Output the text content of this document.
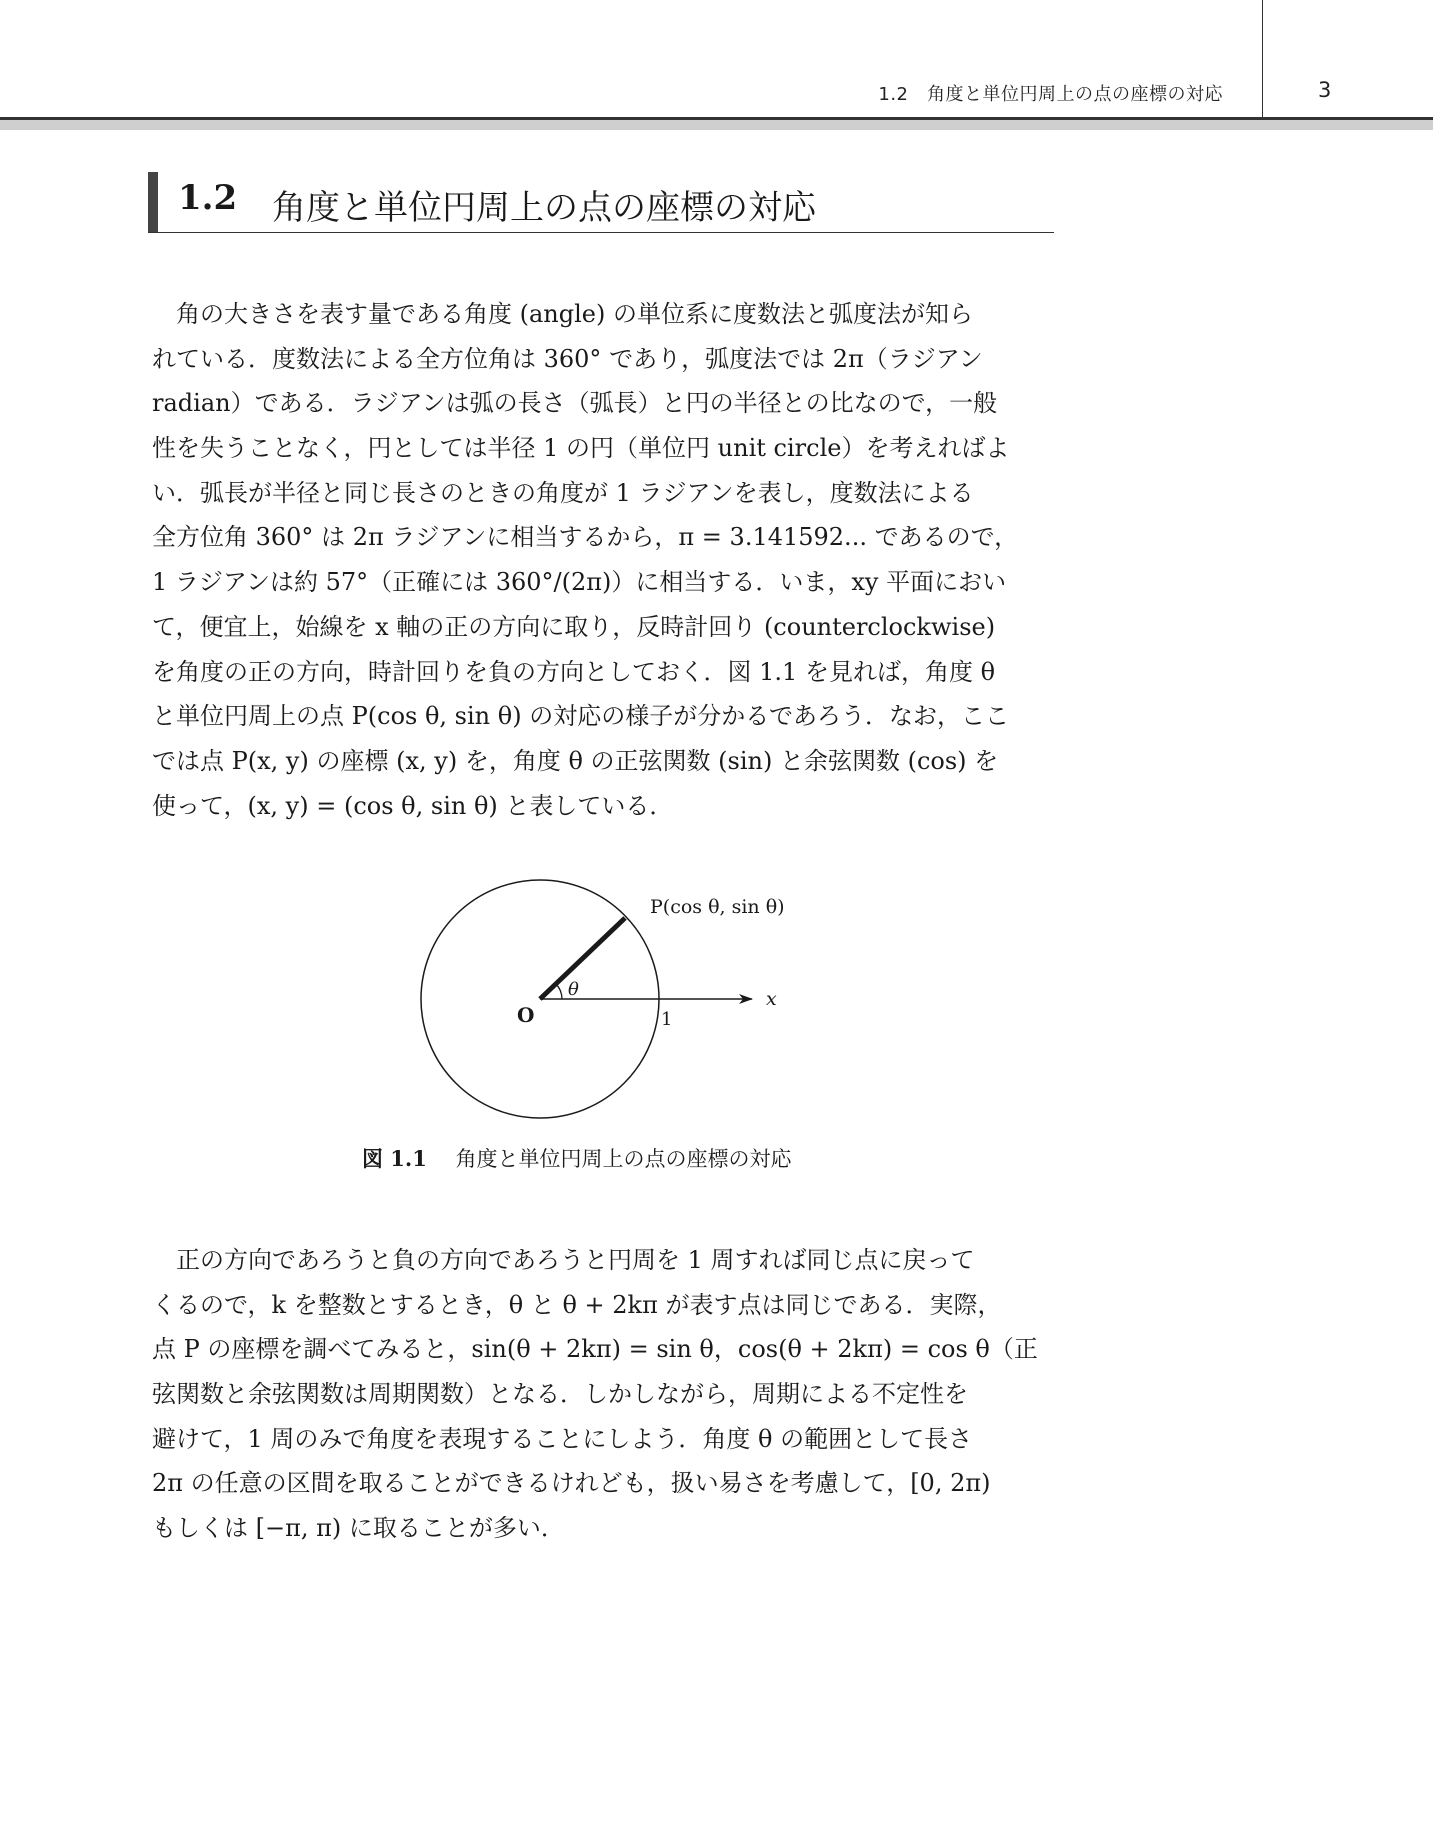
1.2　角度と単位円周上の点の座標の対応	3
1.2 角度と単位円周上の点の座標の対応
角の大きさを表す量である角度 (angle) の単位系に度数法と弧度法が知ら
れている．度数法による全方位角は 360° であり，弧度法では 2π（ラジアン
radian）である．ラジアンは弧の長さ（弧長）と円の半径との比なので，一般
性を失うことなく，円としては半径 1 の円（単位円 unit circle）を考えればよ
い．弧長が半径と同じ長さのときの角度が 1 ラジアンを表し，度数法による
全方位角 360° は 2π ラジアンに相当するから，π = 3.141592... であるので，
1 ラジアンは約 57°（正確には 360°/(2π)）に相当する．いま，xy 平面におい
て，便宜上，始線を x 軸の正の方向に取り，反時計回り (counterclockwise)
を角度の正の方向，時計回りを負の方向としておく．図 1.1 を見れば，角度 θ
と単位円周上の点 P(cos θ, sin θ) の対応の様子が分かるであろう．なお，ここ
では点 P(x, y) の座標 (x, y) を，角度 θ の正弦関数 (sin) と余弦関数 (cos) を
使って，(x, y) = (cos θ, sin θ) と表している．
P(cos θ, sin θ)
θ	x
O	1
図 1.1 角度と単位円周上の点の座標の対応
正の方向であろうと負の方向であろうと円周を 1 周すれば同じ点に戻って
くるので，k を整数とするとき，θ と θ + 2kπ が表す点は同じである．実際，
点 P の座標を調べてみると，sin(θ + 2kπ) = sin θ，cos(θ + 2kπ) = cos θ（正
弦関数と余弦関数は周期関数）となる．しかしながら，周期による不定性を
避けて，1 周のみで角度を表現することにしよう．角度 θ の範囲として長さ
2π の任意の区間を取ることができるけれども，扱い易さを考慮して，[0, 2π)
もしくは [−π, π) に取ることが多い．
